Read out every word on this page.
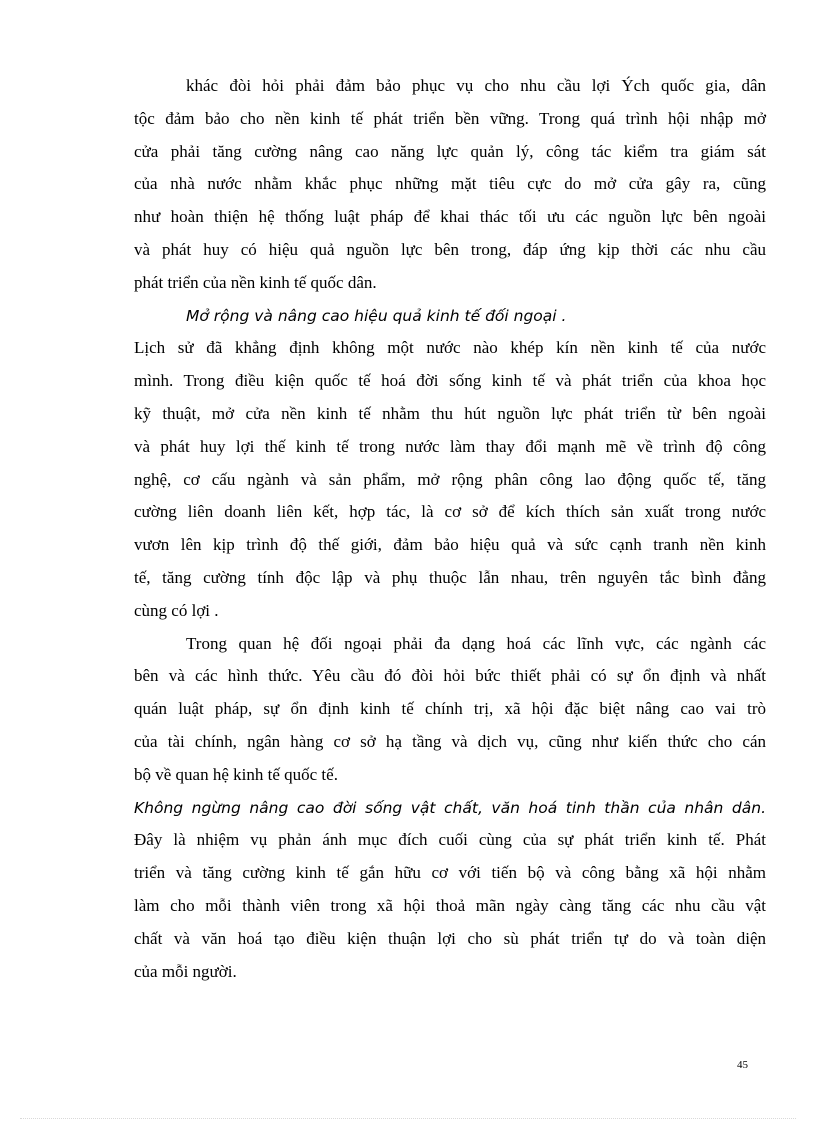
khác đòi hỏi phải đảm bảo phục vụ cho nhu cầu lợi Ých quốc gia, dân
tộc đảm bảo cho nền kinh tế phát triển bền vững. Trong quá trình hội nhập mở
cửa phải tăng cường nâng cao năng lực quản lý, công tác kiểm tra giám sát
của nhà nước nhằm khắc phục những mặt tiêu cực do mở cửa gây ra, cũng
như hoàn thiện hệ thống luật pháp để khai thác tối ưu các nguồn lực bên ngoài
và phát huy có hiệu quả nguồn lực bên trong, đáp ứng kịp thời các nhu cầu
phát triển của nền kinh tế quốc dân.
Mở rộng và nâng cao hiệu quả kinh tế đối ngoại .
Lịch sử đã khẳng định không một nước nào khép kín nền kinh tế của nước
mình. Trong điều kiện quốc tế hoá đời sống kinh tế và phát triển của khoa học
kỹ thuật, mở cửa nền kinh tế nhằm thu hút nguồn lực phát triển từ bên ngoài
và phát huy lợi thế kinh tế trong nước làm thay đổi mạnh mẽ về trình độ công
nghệ, cơ cấu ngành và sản phẩm, mở rộng phân công lao động quốc tế, tăng
cường liên doanh liên kết, hợp tác, là cơ sở để kích thích sản xuất trong nước
vươn lên kịp trình độ thế giới, đảm bảo hiệu quả và sức cạnh tranh nền kinh
tế, tăng cường tính độc lập và phụ thuộc lẫn nhau, trên nguyên tắc bình đẳng
cùng có lợi .
Trong quan hệ đối ngoại phải đa dạng hoá các lĩnh vực, các ngành các
bên và các hình thức. Yêu cầu đó đòi hỏi bức thiết phải có sự ổn định và nhất
quán luật pháp, sự ổn định kinh tế chính trị, xã hội đặc biệt nâng cao vai trò
của tài chính, ngân hàng cơ sở hạ tầng và dịch vụ, cũng như kiến thức cho cán
bộ về quan hệ kinh tế quốc tế.
Không ngừng nâng cao đời sống vật chất, văn hoá tinh thần của nhân dân.
Đây là nhiệm vụ phản ánh mục đích cuối cùng của sự phát triển kinh tế. Phát
triển và tăng cường kinh tế gắn hữu cơ với tiến bộ và công bằng xã hội nhằm
làm cho mỗi thành viên trong xã hội thoả mãn ngày càng tăng các nhu cầu vật
chất và văn hoá tạo điều kiện thuận lợi cho sù phát triển tự do và toàn diện
của mỗi người.
45
